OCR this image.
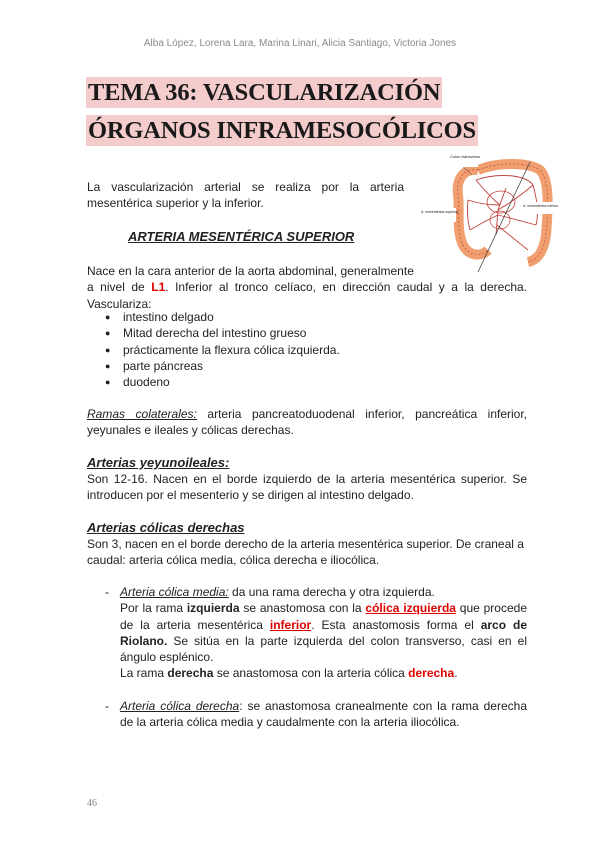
Alba López, Lorena Lara, Marina Linari, Alicia Santiago, Victoria Jones
TEMA 36: VASCULARIZACIÓN
ÓRGANOS INFRAMESOCÓLICOS
La vascularización arterial se realiza por la arteria mesentérica superior y la inferior.
Colon transverso
A. mesentérica superior
A. mesentérica inferior
ARTERIA MESENTÉRICA SUPERIOR
Nace en la cara anterior de la aorta abdominal, generalmente
a nivel de L1. Inferior al tronco celíaco, en dirección caudal y a la derecha. Vasculariza:
● intestino delgado
● Mitad derecha del intestino grueso
● prácticamente la flexura cólica izquierda.
● parte páncreas
● duodeno
Ramas colaterales: arteria pancreatoduodenal inferior, pancreática inferior, yeyunales e ileales y cólicas derechas.
Arterias yeyunoileales:
Son 12-16. Nacen en el borde izquierdo de la arteria mesentérica superior. Se introducen por el mesenterio y se dirigen al intestino delgado.
Arterias cólicas derechas
Son 3, nacen en el borde derecho de la arteria mesentérica superior. De craneal a caudal: arteria cólica media, cólica derecha e iliocólica.
- Arteria cólica media: da una rama derecha y otra izquierda.
Por la rama izquierda se anastomosa con la cólica izquierda que procede de la arteria mesentérica inferior. Esta anastomosis forma el arco de Riolano. Se sitúa en la parte izquierda del colon transverso, casi en el ángulo esplénico.
La rama derecha se anastomosa con la arteria cólica derecha.
- Arteria cólica derecha: se anastomosa cranealmente con la rama derecha de la arteria cólica media y caudalmente con la arteria iliocólica.
46
